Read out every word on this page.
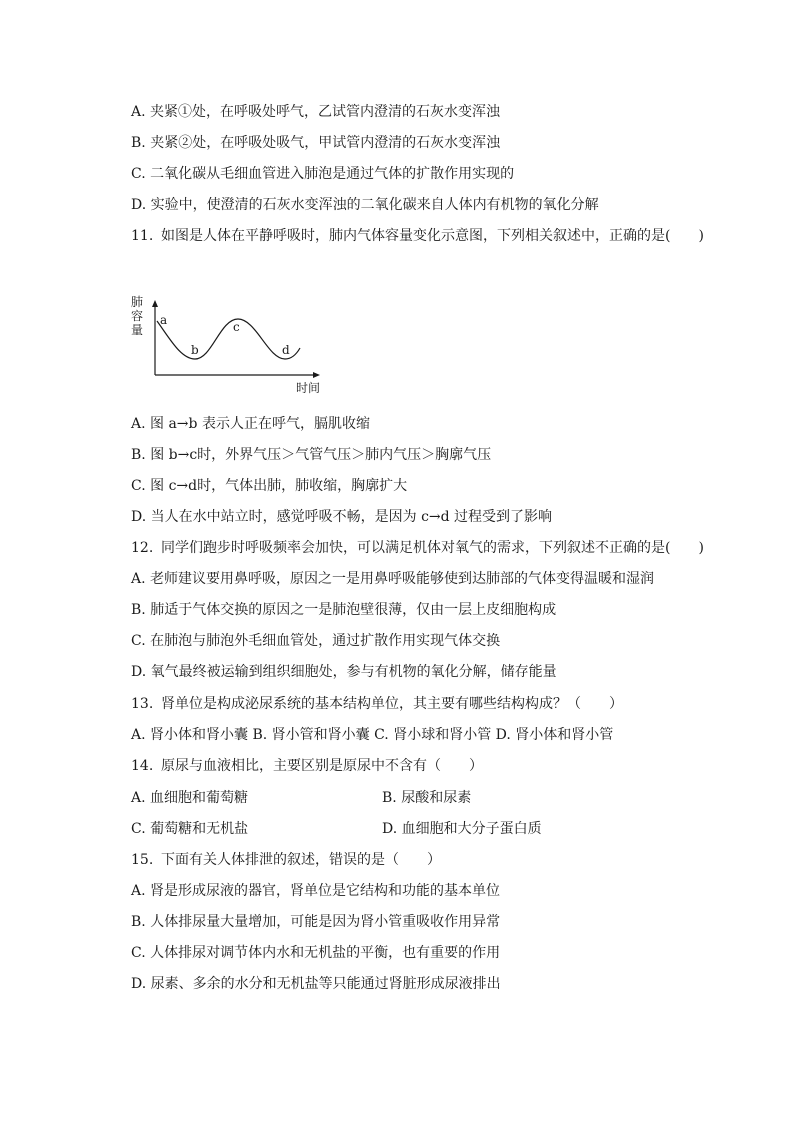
A. 夹紧①处，在呼吸处呼气，乙试管内澄清的石灰水变浑浊
B. 夹紧②处，在呼吸处吸气，甲试管内澄清的石灰水变浑浊
C. 二氧化碳从毛细血管进入肺泡是通过气体的扩散作用实现的
D. 实验中，使澄清的石灰水变浑浊的二氧化碳来自人体内有机物的氧化分解
11. 如图是人体在平静呼吸时，肺内气体容量变化示意图，下列相关叙述中，正确的是(　　)
肺
容
量
a
b
c
d
时间
A. 图 a→b 表示人正在呼气，膈肌收缩
B. 图 b→c时，外界气压＞气管气压＞肺内气压＞胸廓气压
C. 图 c→d时，气体出肺，肺收缩，胸廓扩大
D. 当人在水中站立时，感觉呼吸不畅，是因为 c→d 过程受到了影响
12. 同学们跑步时呼吸频率会加快，可以满足机体对氧气的需求，下列叙述不正确的是(　　)
A. 老师建议要用鼻呼吸，原因之一是用鼻呼吸能够使到达肺部的气体变得温暖和湿润
B. 肺适于气体交换的原因之一是肺泡壁很薄，仅由一层上皮细胞构成
C. 在肺泡与肺泡外毛细血管处，通过扩散作用实现气体交换
D. 氧气最终被运输到组织细胞处，参与有机物的氧化分解，储存能量
13. 肾单位是构成泌尿系统的基本结构单位，其主要有哪些结构构成？（　　）
A. 肾小体和肾小囊 B. 肾小管和肾小囊 C. 肾小球和肾小管 D. 肾小体和肾小管
14. 原尿与血液相比，主要区别是原尿中不含有（　　）
A. 血细胞和葡萄糖	B. 尿酸和尿素
C. 葡萄糖和无机盐	D. 血细胞和大分子蛋白质
15. 下面有关人体排泄的叙述，错误的是（　　）
A. 肾是形成尿液的器官，肾单位是它结构和功能的基本单位
B. 人体排尿量大量增加，可能是因为肾小管重吸收作用异常
C. 人体排尿对调节体内水和无机盐的平衡，也有重要的作用
D. 尿素、多余的水分和无机盐等只能通过肾脏形成尿液排出
